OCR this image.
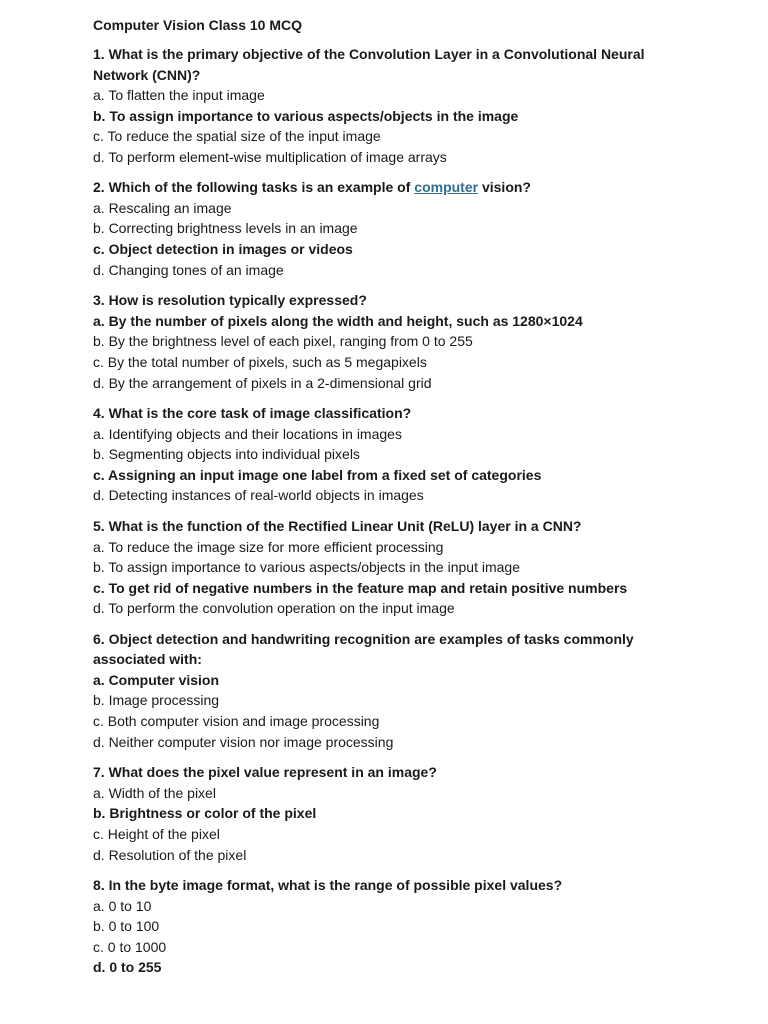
Computer Vision Class 10 MCQ
1. What is the primary objective of the Convolution Layer in a Convolutional Neural Network (CNN)?
a. To flatten the input image
b. To assign importance to various aspects/objects in the image
c. To reduce the spatial size of the input image
d. To perform element-wise multiplication of image arrays
2. Which of the following tasks is an example of computer vision?
a. Rescaling an image
b. Correcting brightness levels in an image
c. Object detection in images or videos
d. Changing tones of an image
3. How is resolution typically expressed?
a. By the number of pixels along the width and height, such as 1280×1024
b. By the brightness level of each pixel, ranging from 0 to 255
c. By the total number of pixels, such as 5 megapixels
d. By the arrangement of pixels in a 2-dimensional grid
4. What is the core task of image classification?
a. Identifying objects and their locations in images
b. Segmenting objects into individual pixels
c. Assigning an input image one label from a fixed set of categories
d. Detecting instances of real-world objects in images
5. What is the function of the Rectified Linear Unit (ReLU) layer in a CNN?
a. To reduce the image size for more efficient processing
b. To assign importance to various aspects/objects in the input image
c. To get rid of negative numbers in the feature map and retain positive numbers
d. To perform the convolution operation on the input image
6. Object detection and handwriting recognition are examples of tasks commonly associated with:
a. Computer vision
b. Image processing
c. Both computer vision and image processing
d. Neither computer vision nor image processing
7. What does the pixel value represent in an image?
a. Width of the pixel
b. Brightness or color of the pixel
c. Height of the pixel
d. Resolution of the pixel
8. In the byte image format, what is the range of possible pixel values?
a. 0 to 10
b. 0 to 100
c. 0 to 1000
d. 0 to 255
